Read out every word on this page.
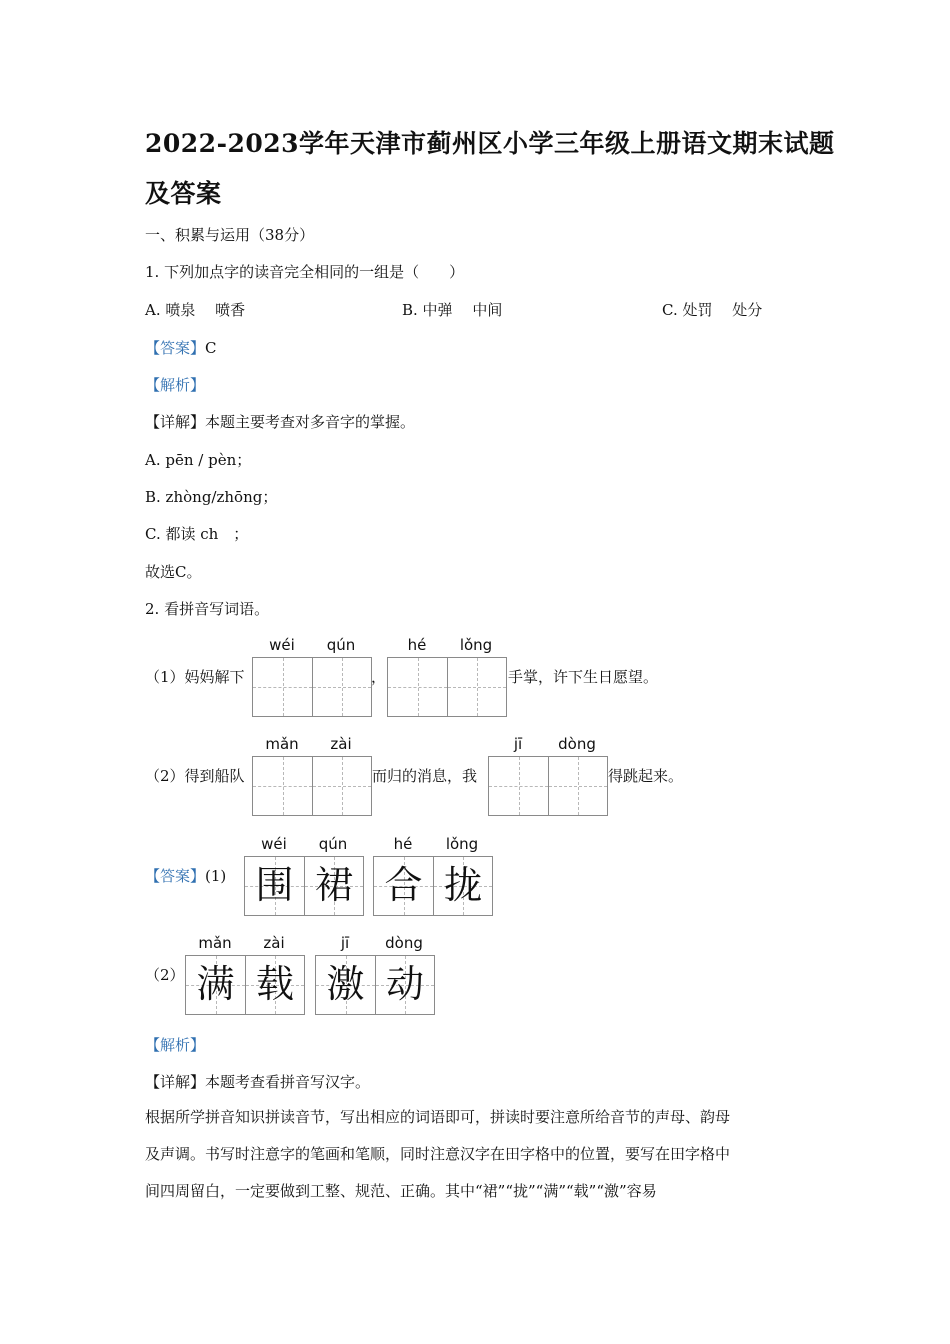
2022-2023学年天津市蓟州区小学三年级上册语文期末试题
及答案
一、积累与运用（38分）
1. 下列加点字的读音完全相同的一组是（　　）
A. 喷泉　 喷香	B. 中弹　 中间	C. 处罚　 处分
【答案】C
【解析】
【详解】本题主要考查对多音字的掌握。
A. pēn / pèn；
B. zhòng/zhōng；
C. 都读 ch　；
故选C。
2. 看拼音写词语。
wéi	qún	hé	lǒng
（1）妈妈解下	，	手掌，许下生日愿望。
mǎn	zài	jī	dòng
（2）得到船队	而归的消息，我	得跳起来。
wéi	qún	hé	lǒng
【答案】(1) 围 裙 合 拢
mǎn	zài	jī	dòng
（2） 满 载 激 动
【解析】
【详解】本题考查看拼音写汉字。
根据所学拼音知识拼读音节，写出相应的词语即可，拼读时要注意所给音节的声母、韵母
及声调。书写时注意字的笔画和笔顺，同时注意汉字在田字格中的位置，要写在田字格中
间四周留白，一定要做到工整、规范、正确。其中“裙”“拢”“满”“载”“激”容易
